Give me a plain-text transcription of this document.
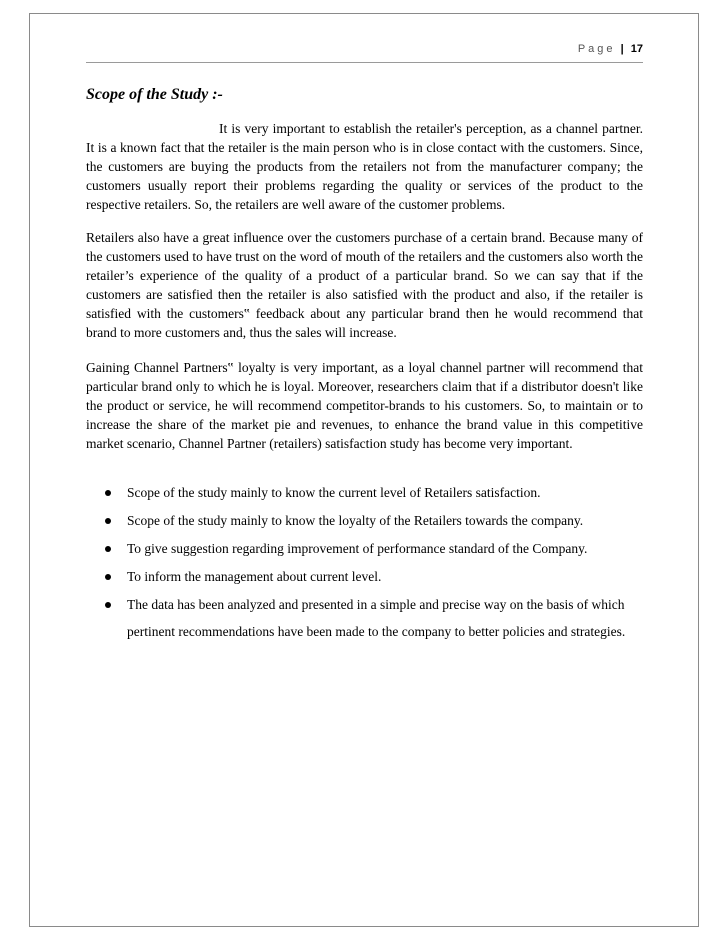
Page | 17
Scope of the Study :-

It is very important to establish the retailer's perception, as a channel partner. It is a known fact that the retailer is the main person who is in close contact with the customers. Since, the customers are buying the products from the retailers not from the manufacturer company; the customers usually report their problems regarding the quality or services of the product to the respective retailers. So, the retailers are well aware of the customer problems.

Retailers also have a great influence over the customers purchase of a certain brand. Because many of the customers used to have trust on the word of mouth of the retailers and the customers also worth the retailer’s experience of the quality of a product of a particular brand. So we can say that if the customers are satisfied then the retailer is also satisfied with the product and also, if the retailer is satisfied with the customers‟ feedback about any particular brand then he would recommend that brand to more customers and, thus the sales will increase.

Gaining Channel Partners‟ loyalty is very important, as a loyal channel partner will recommend that particular brand only to which he is loyal. Moreover, researchers claim that if a distributor doesn't like the product or service, he will recommend competitor-brands to his customers. So, to maintain or to increase the share of the market pie and revenues, to enhance the brand value in this competitive market scenario, Channel Partner (retailers) satisfaction study has become very important.

Scope of the study mainly to know the current level of Retailers satisfaction.
Scope of the study mainly to know the loyalty of the Retailers towards the company.
To give suggestion regarding improvement of performance standard of the Company.
To inform the management about current level.
The data has been analyzed and presented in a simple and precise way on the basis of which pertinent recommendations have been made to the company to better policies and strategies.
